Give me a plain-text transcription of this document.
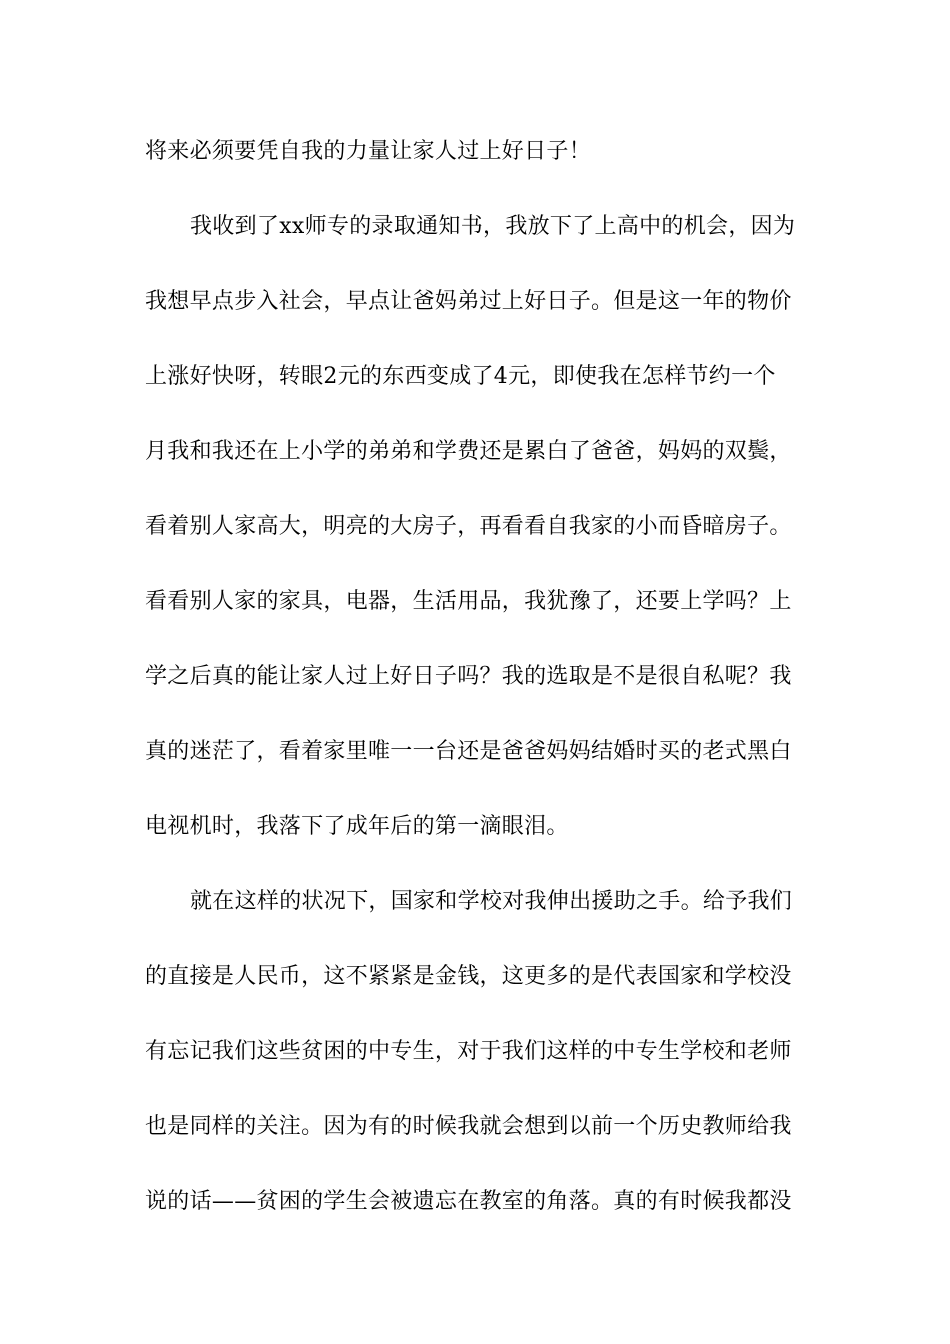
将来必须要凭自我的力量让家人过上好日子！
我收到了xx师专的录取通知书，我放下了上高中的机会，因为
我想早点步入社会，早点让爸妈弟过上好日子。但是这一年的物价
上涨好快呀，转眼2元的东西变成了4元，即使我在怎样节约一个
月我和我还在上小学的弟弟和学费还是累白了爸爸，妈妈的双鬓，
看着别人家高大，明亮的大房子，再看看自我家的小而昏暗房子。
看看别人家的家具，电器，生活用品，我犹豫了，还要上学吗？上
学之后真的能让家人过上好日子吗？我的选取是不是很自私呢？我
真的迷茫了，看着家里唯一一台还是爸爸妈妈结婚时买的老式黑白
电视机时，我落下了成年后的第一滴眼泪。
就在这样的状况下，国家和学校对我伸出援助之手。给予我们
的直接是人民币，这不紧紧是金钱，这更多的是代表国家和学校没
有忘记我们这些贫困的中专生，对于我们这样的中专生学校和老师
也是同样的关注。因为有的时候我就会想到以前一个历史教师给我
说的话——贫困的学生会被遗忘在教室的角落。真的有时候我都没
